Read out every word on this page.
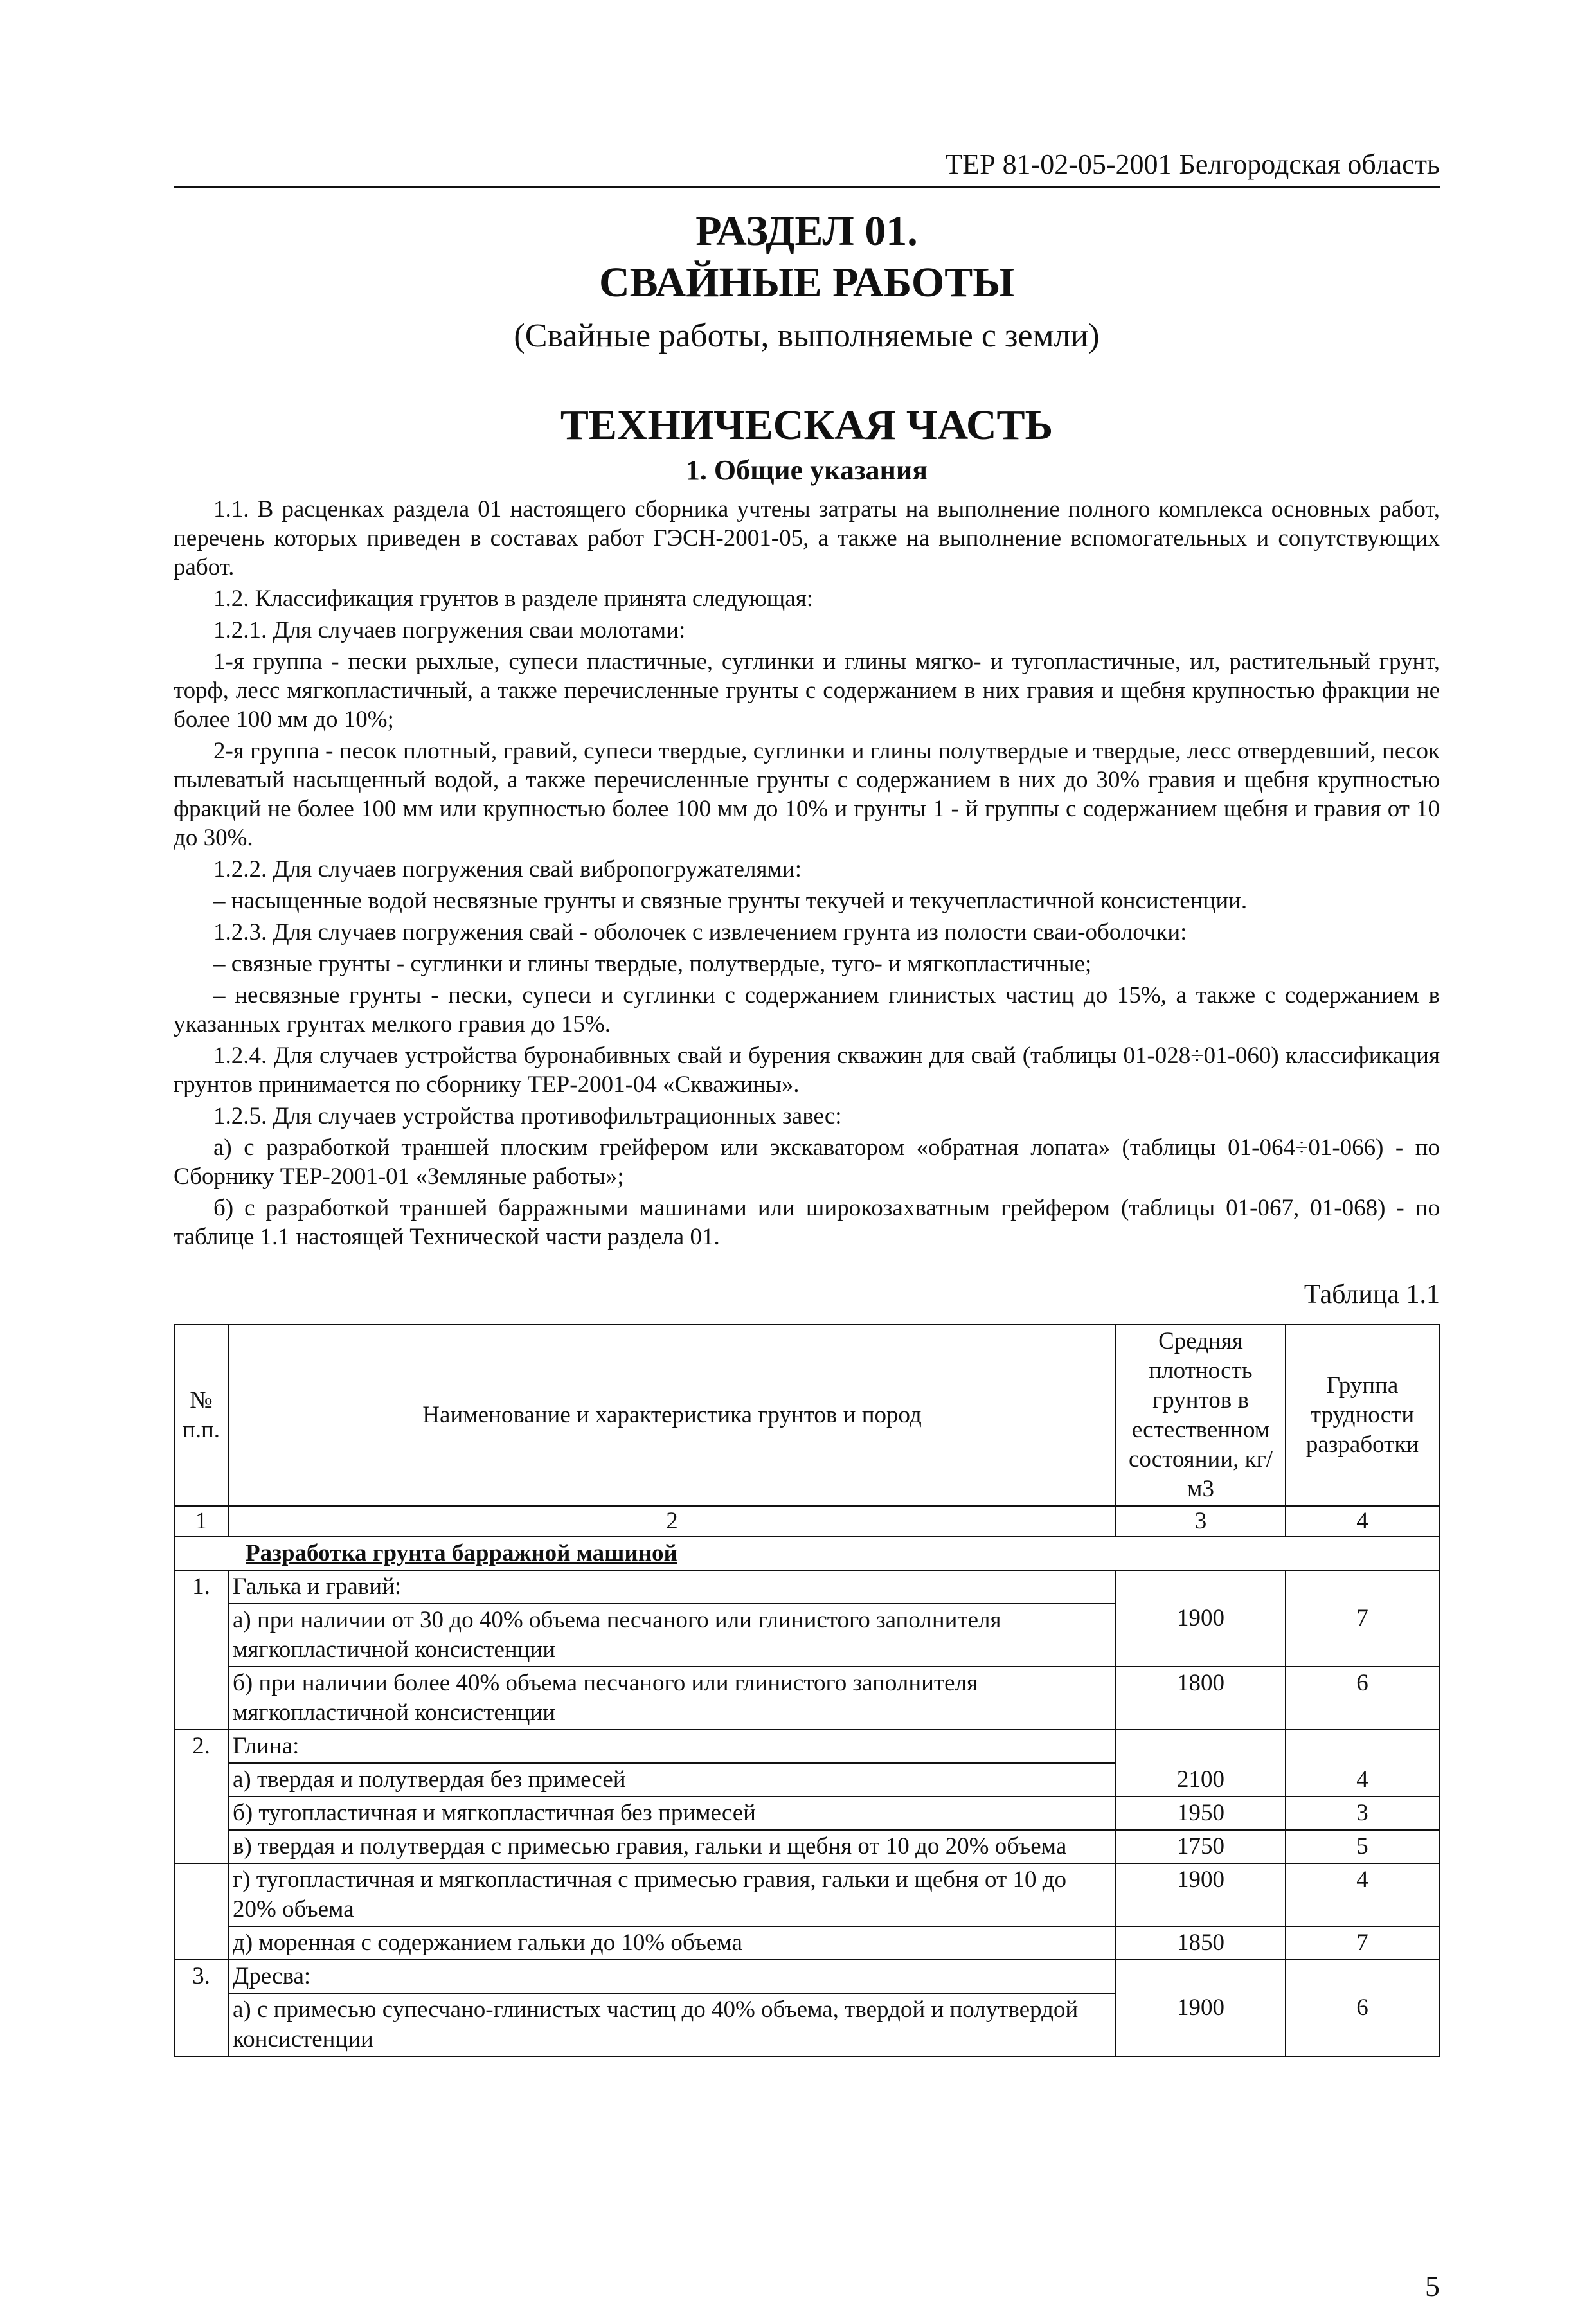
ТЕР 81-02-05-2001 Белгородская область
РАЗДЕЛ 01.
СВАЙНЫЕ РАБОТЫ
(Свайные работы, выполняемые с земли)
ТЕХНИЧЕСКАЯ ЧАСТЬ
1. Общие указания

1.1. В расценках раздела 01 настоящего сборника учтены затраты на выполнение полного комплекса основных работ, перечень которых приведен в составах работ ГЭСН-2001-05, а также на выполнение вспомогательных и сопутствующих работ.

1.2. Классификация грунтов в разделе принята следующая:

1.2.1. Для случаев погружения сваи молотами:

1-я группа - пески рыхлые, супеси пластичные, суглинки и глины мягко- и тугопластичные, ил, растительный грунт, торф, лесс мягкопластичный, а также перечисленные грунты с содержанием в них гравия и щебня крупностью фракции не более 100 мм до 10%;

2-я группа - песок плотный, гравий, супеси твердые, суглинки и глины полутвердые и твердые, лесс отвердевший, песок пылеватый насыщенный водой, а также перечисленные грунты с содержанием в них до 30% гравия и щебня крупностью фракций не более 100 мм или крупностью более 100 мм до 10% и грунты 1 - й группы с содержанием щебня и гравия от 10 до 30%.

1.2.2. Для случаев погружения свай вибропогружателями:

– насыщенные водой несвязные грунты и связные грунты текучей и текучепластичной консистенции.

1.2.3. Для случаев погружения свай - оболочек с извлечением грунта из полости сваи-оболочки:

– связные грунты - суглинки и глины твердые, полутвердые, туго- и мягкопластичные;

– несвязные грунты - пески, супеси и суглинки с содержанием глинистых частиц до 15%, а также с содержанием в указанных грунтах мелкого гравия до 15%.

1.2.4. Для случаев устройства буронабивных свай и бурения скважин для свай (таблицы 01-028÷01-060) классификация грунтов принимается по сборнику ТЕР-2001-04 «Скважины».

1.2.5. Для случаев устройства противофильтрационных завес:

а) с разработкой траншей плоским грейфером или экскаватором «обратная лопата» (таблицы 01-064÷01-066) - по Сборнику ТЕР-2001-01 «Земляные работы»;

б) с разработкой траншей барражными машинами или широкозахватным грейфером (таблицы 01-067, 01-068) - по таблице 1.1 настоящей Технической части раздела 01.

Таблица 1.1
№ п.п.	Наименование и характеристика грунтов и пород	Средняя плотность грунтов в естественном состоянии, кг/м3	Группа трудности разработки
1	2	3	4
Разработка грунта барражной машиной			
1.	Галька и гравий:	1900	7
	а) при наличии от 30 до 40% объема песчаного или глинистого заполнителя мягкопластичной консистенции		
	б) при наличии более 40% объема песчаного или глинистого заполнителя мягкопластичной консистенции	1800	6
2.	Глина:	2100	4
	а) твердая и полутвердая без примесей		
	б) тугопластичная и мягкопластичная без примесей	1950	3
	в) твердая и полутвердая с примесью гравия, гальки и щебня от 10 до 20% объема	1750	5
	г) тугопластичная и мягкопластичная с примесью гравия, гальки и щебня от 10 до 20% объема	1900	4
	д) моренная с содержанием гальки до 10% объема	1850	7
3.	Дресва:	1900	6
	а) с примесью супесчано-глинистых частиц до 40% объема, твердой и полутвердой консистенции		
5
